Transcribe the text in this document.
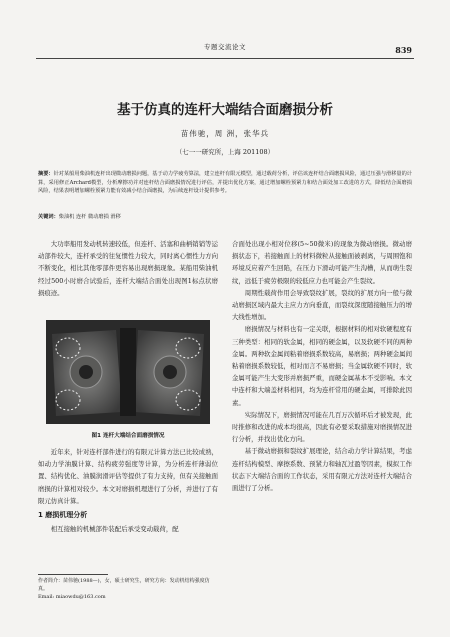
专题交流论文	839
基于仿真的连杆大端结合面磨损分析
苗伟驰，周 洲，张华兵
（七一一研究所，上海 201108）
摘要：针对某船用柴油机连杆出现微动磨损问题，基于动力学疲劳算法，建立连杆有限元模型，通过载荷分析，评估该连杆结合面磨损风险，通过压强与滑移量的计算，采用修正Archard模型，分析摩擦功并对连杆结合面磨损情况进行评估，并提出优化方案，通过增加螺栓预紧力和结合面处加工改进的方式，降低结合面磨损风险，结果表明增加螺栓预紧力能有效减小结合面磨损，为后续连杆设计提供参考。
关键词：柴油机 连杆 微动磨损 滑移

大功率船用发动机转速较低，但连杆、活塞和曲柄销销等运动部件较大，连杆承受的往复惯性力较大，同时离心惯性力方向不断变化，相比其他零部件更容易出现磨损现象。某船用柴油机经过500小时磨合试验后，连杆大端结合面处出现图1标点状磨损痕迹。

图1 连杆大端结合面磨损情况

近年来，针对连杆部件进行的有限元计算方法已比较成熟，如动力学油膜计算、结构疲劳强度等计算，为分析连杆薄弱位置、结构优化、油膜润滑评估等提供了有力支持，但有关接触面磨损的计算相对较少。本文对磨损机理进行了分析，并进行了有限元仿真计算。

1 磨损机理分析

相互接触的机械部件装配后承受变动载荷，配

合面处出现小相对位移(5~50微米)的现象为微动磨损。微动磨损状态下，若接触面上的材料微粒从接触面被剥离，与周围饱和环境反应着产生回陷，在压力下滑动可能产生沟槽，从而萌生裂纹，远低于疲劳极限的较低应力也可能会产生裂纹。

周期性载荷作用会导致裂纹扩展，裂纹的扩展方向一般与微动磨损区域内最大主应力方向垂直，而裂纹深度随接触压力的增大线性增加。

磨损情况与材料也有一定关联，根据材料的相对软硬程度有三种类型：相同的软金属，相同的硬金属，以及软硬不同的两种金属。两种软金属间粘着磨损系数较高，易磨损；两种硬金属间粘着磨损系数较低，相对而言不易磨损；当金属软硬不同时，软金属可能产生大变形并磨损严重，而硬金属基本不受影响。本文中连杆和大端盖材料相同，均为连杆常用的硬金属，可排除此因素。

实际情况下，磨损情况可能在几百万次循环后才被发现，此时推修和改进的成本均很高，因此有必要采取措施对磨损情况进行分析，并找出优化方向。

基于微动磨损和裂纹扩展理论，结合动力学计算结果，考虑连杆结构模型、摩擦系数、预紧力和轴瓦过盈等因素，模拟工作状态下大端结合面的工作状态，采用有限元方法对连杆大端结合面进行了分析。

作者简介：苗伟驰(1988—)，女，硕士研究生，研究方向：发动机结构强度仿真。
Email: miaowdu@163.com
